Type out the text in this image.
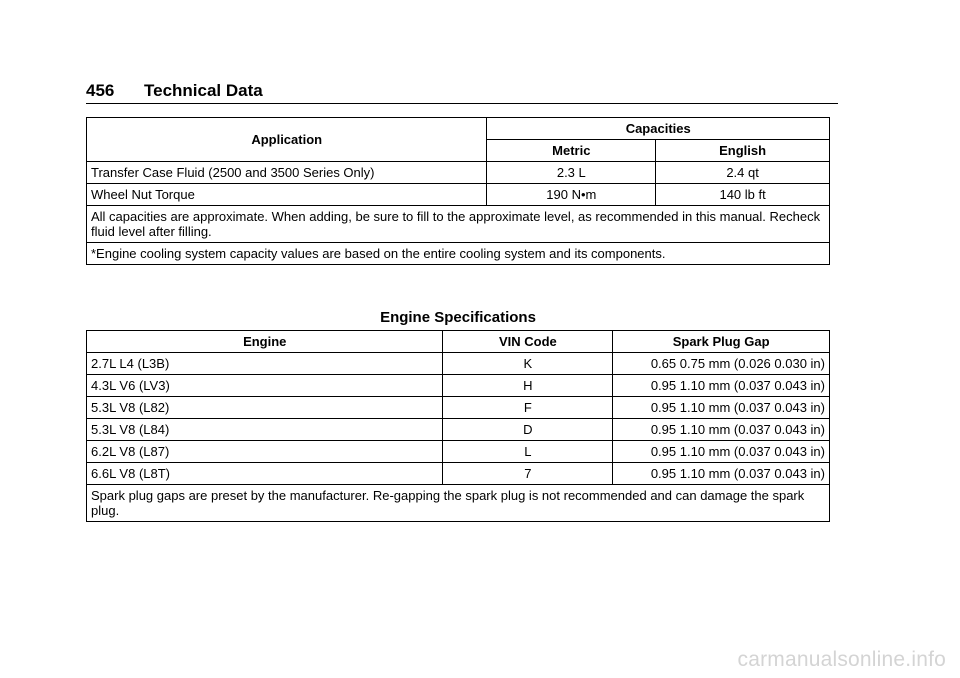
456 Technical Data
Application	Capacities	
	Metric	English
Transfer Case Fluid (2500 and 3500 Series Only)	2.3 L	2.4 qt
Wheel Nut Torque	190 N•m	140 lb ft
All capacities are approximate. When adding, be sure to fill to the approximate level, as recommended in this manual. Recheck fluid level after filling.		
*Engine cooling system capacity values are based on the entire cooling system and its components.		
Engine Specifications
Engine	VIN Code	Spark Plug Gap
2.7L L4 (L3B)	K	0.65 0.75 mm (0.026 0.030 in)
4.3L V6 (LV3)	H	0.95 1.10 mm (0.037 0.043 in)
5.3L V8 (L82)	F	0.95 1.10 mm (0.037 0.043 in)
5.3L V8 (L84)	D	0.95 1.10 mm (0.037 0.043 in)
6.2L V8 (L87)	L	0.95 1.10 mm (0.037 0.043 in)
6.6L V8 (L8T)	7	0.95 1.10 mm (0.037 0.043 in)
Spark plug gaps are preset by the manufacturer. Re-gapping the spark plug is not recommended and can damage the spark plug.		
carmanualsonline.info
